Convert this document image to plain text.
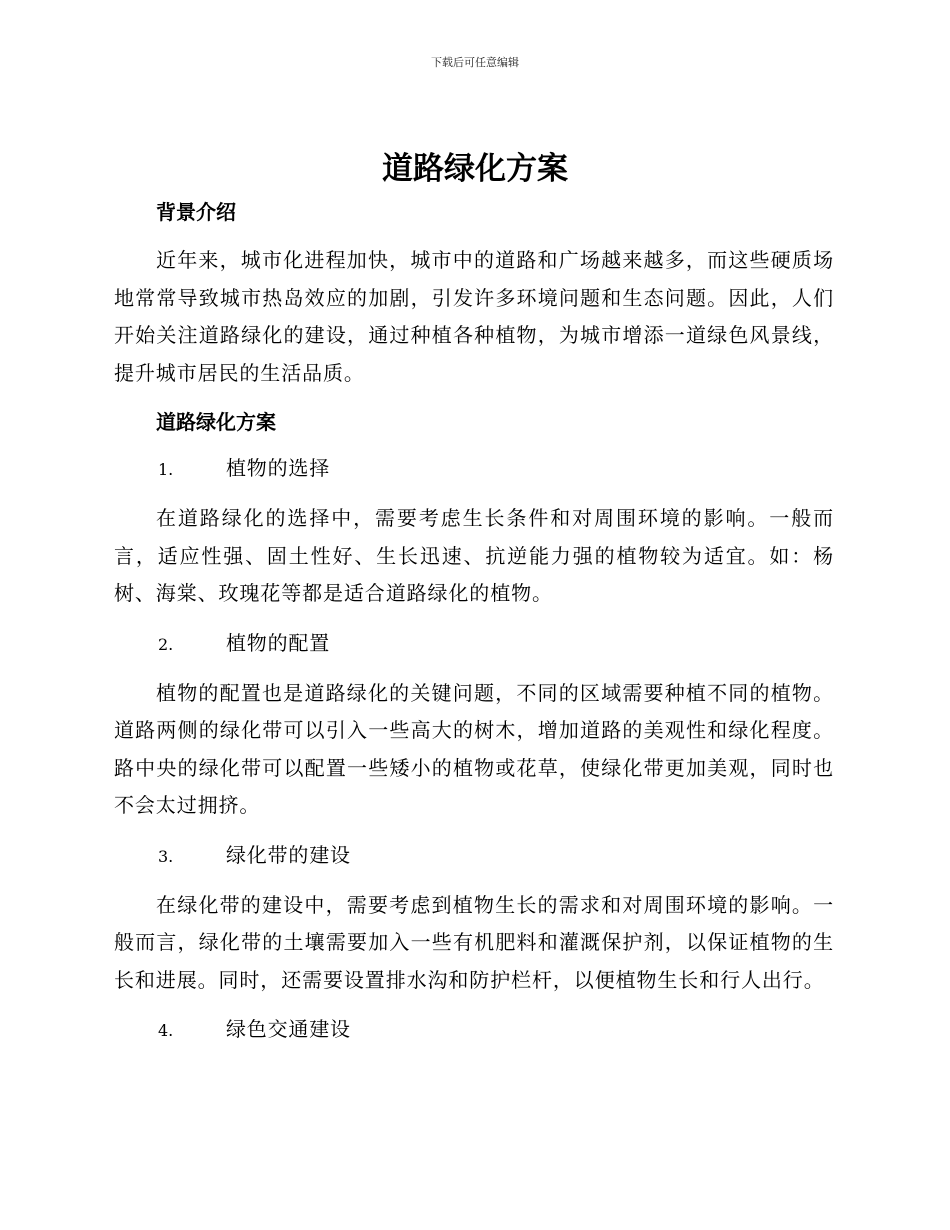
下载后可任意编辑
道路绿化方案

背景介绍

近年来，城市化进程加快，城市中的道路和广场越来越多，而这些硬质场地常常导致城市热岛效应的加剧，引发许多环境问题和生态问题。因此，人们开始关注道路绿化的建设，通过种植各种植物，为城市增添一道绿色风景线，提升城市居民的生活品质。

道路绿化方案

1.	植物的选择

在道路绿化的选择中，需要考虑生长条件和对周围环境的影响。一般而言，适应性强、固土性好、生长迅速、抗逆能力强的植物较为适宜。如：杨树、海棠、玫瑰花等都是适合道路绿化的植物。

2.	植物的配置

植物的配置也是道路绿化的关键问题，不同的区域需要种植不同的植物。道路两侧的绿化带可以引入一些高大的树木，增加道路的美观性和绿化程度。路中央的绿化带可以配置一些矮小的植物或花草，使绿化带更加美观，同时也不会太过拥挤。

3.	绿化带的建设

在绿化带的建设中，需要考虑到植物生长的需求和对周围环境的影响。一般而言，绿化带的土壤需要加入一些有机肥料和灌溉保护剂，以保证植物的生长和进展。同时，还需要设置排水沟和防护栏杆，以便植物生长和行人出行。

4.	绿色交通建设
